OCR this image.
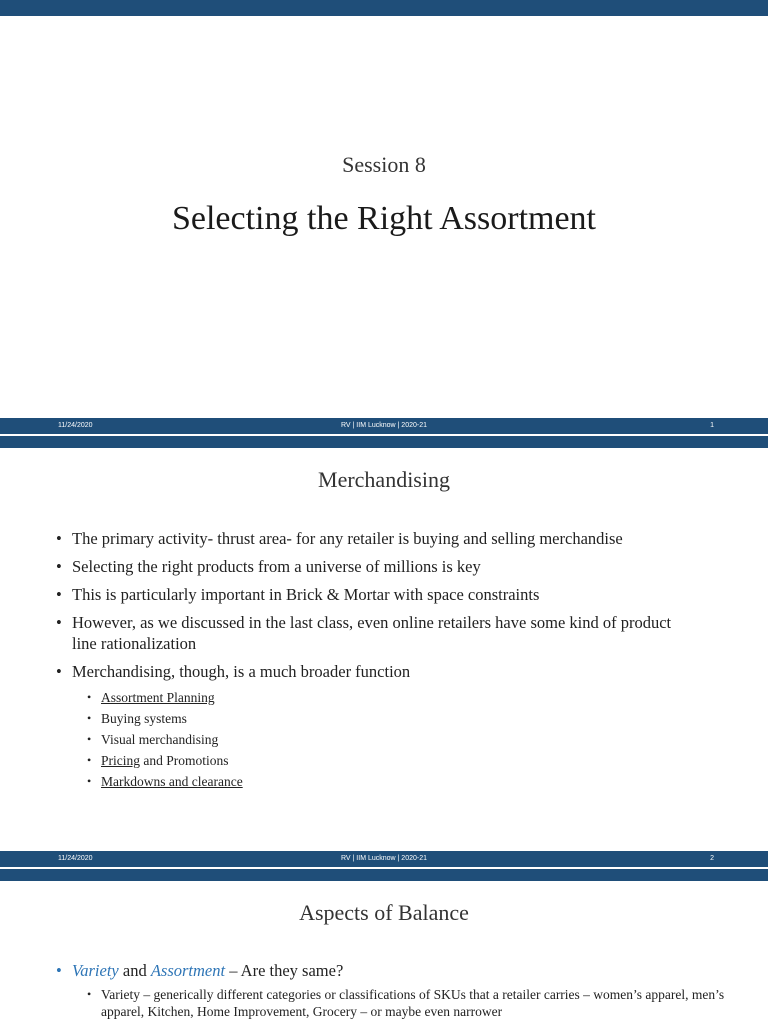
Session 8
Selecting the Right Assortment
11/24/2020	RV | IIM Lucknow | 2020-21	1
Merchandising
• The primary activity- thrust area- for any retailer is buying and selling merchandise
• Selecting the right products from a universe of millions is key
• This is particularly important in Brick & Mortar with space constraints
• However, as we discussed in the last class, even online retailers have some kind of product line rationalization
• Merchandising, though, is a much broader function
• Assortment Planning
• Buying systems
• Visual merchandising
• Pricing and Promotions
• Markdowns and clearance
11/24/2020	RV | IIM Lucknow | 2020-21	2
Aspects of Balance
• Variety and Assortment – Are they same?
• Variety – generically different categories or classifications of SKUs that a retailer carries – women’s apparel, men’s apparel, Kitchen, Home Improvement, Grocery – or maybe even narrower
